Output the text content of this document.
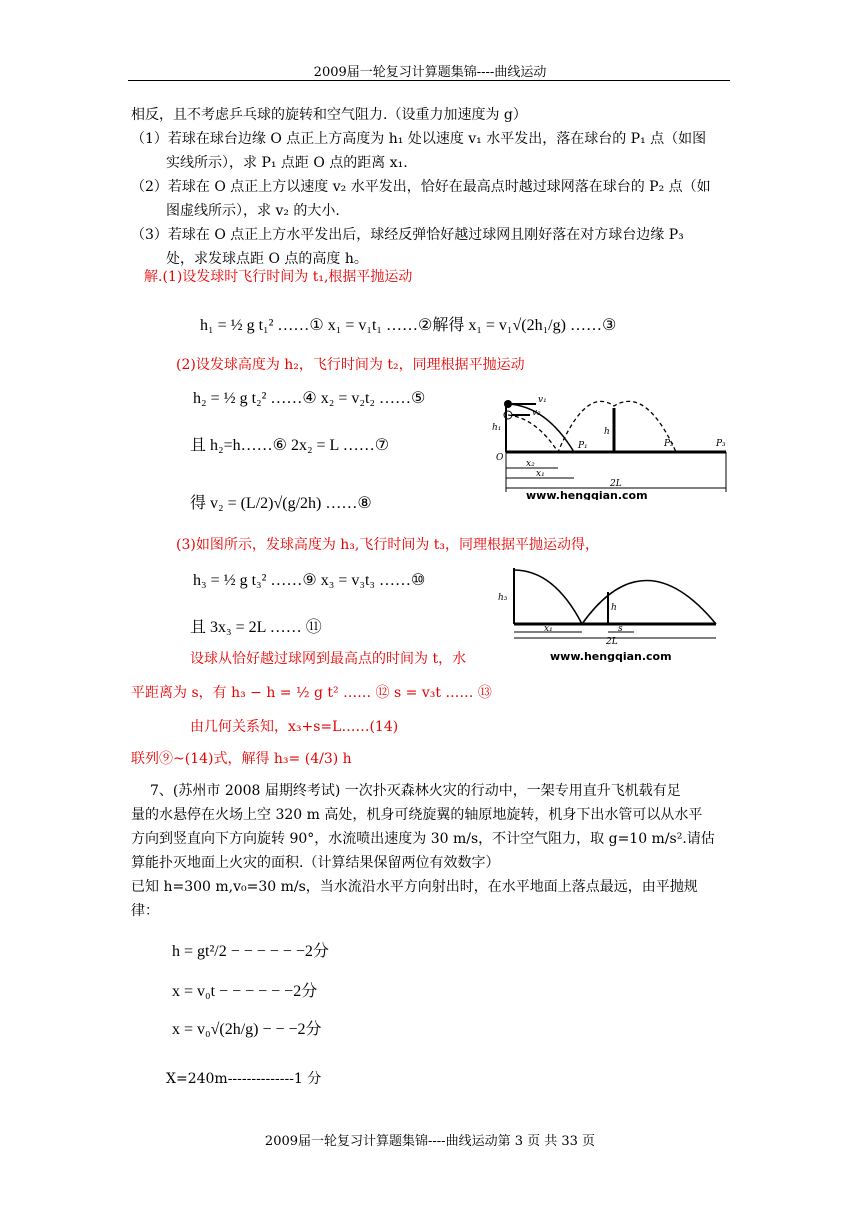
2009届一轮复习计算题集锦----曲线运动
相反，且不考虑乒乓球的旋转和空气阻力.（设重力加速度为 g）
（1）若球在球台边缘 O 点正上方高度为 h₁ 处以速度 v₁ 水平发出，落在球台的 P₁ 点（如图
实线所示），求 P₁ 点距 O 点的距离 x₁.
（2）若球在 O 点正上方以速度 v₂ 水平发出，恰好在最高点时越过球网落在球台的 P₂ 点（如
图虚线所示），求 v₂ 的大小.
（3）若球在 O 点正上方水平发出后，球经反弹恰好越过球网且刚好落在对方球台边缘 P₃
处，求发球点距 O 点的高度 h。
解.(1)设发球时飞行时间为 t₁,根据平抛运动
h₁ = ½ g t₁² ……① x₁ = v₁t₁ ……②解得 x₁ = v₁√(2h₁/g) ……③
(2)设发球高度为 h₂，飞行时间为 t₂，同理根据平抛运动
h₂ = ½ g t₂² ……④ x₂ = v₂t₂ ……⑤
且 h₂=h……⑥ 2x₂ = L ……⑦
得 v₂ = (L/2)√(g/2h) ……⑧
(3)如图所示，发球高度为 h₃,飞行时间为 t₃，同理根据平抛运动得，
h₃ = ½ g t₃² ……⑨ x₃ = v₃t₃ ……⑩
且 3x₃ = 2L …… ⑪
设球从恰好越过球网到最高点的时间为 t，水
平距离为 s，有 h₃ − h = ½ g t² …… ⑫ s = v₃t …… ⑬
由几何关系知，x₃+s=L……(14)
联列⑨~(14)式，解得 h₃= (4/3) h
v₁
v₂
h₁	h
O
P₁	P₂	P₃
x₂
x₁
2L
www.hengqian.com
h₃
h
x₁	s
2L
www.hengqian.com
7、(苏州市 2008 届期终考试) 一次扑灭森林火灾的行动中，一架专用直升飞机载有足
量的水悬停在火场上空 320 m 高处，机身可绕旋翼的轴原地旋转，机身下出水管可以从水平
方向到竖直向下方向旋转 90°，水流喷出速度为 30 m/s，不计空气阻力，取 g=10 m/s².请估
算能扑灭地面上火灾的面积.（计算结果保留两位有效数字）
已知 h=300 m,v₀=30 m/s，当水流沿水平方向射出时，在水平地面上落点最远，由平抛规
律：
h = gt²/2 − − − − − −2分
x = v₀t − − − − − −2分
x = v₀√(2h/g) − − −2分
X=240m--------------1 分
2009届一轮复习计算题集锦----曲线运动第 3 页 共 33 页
